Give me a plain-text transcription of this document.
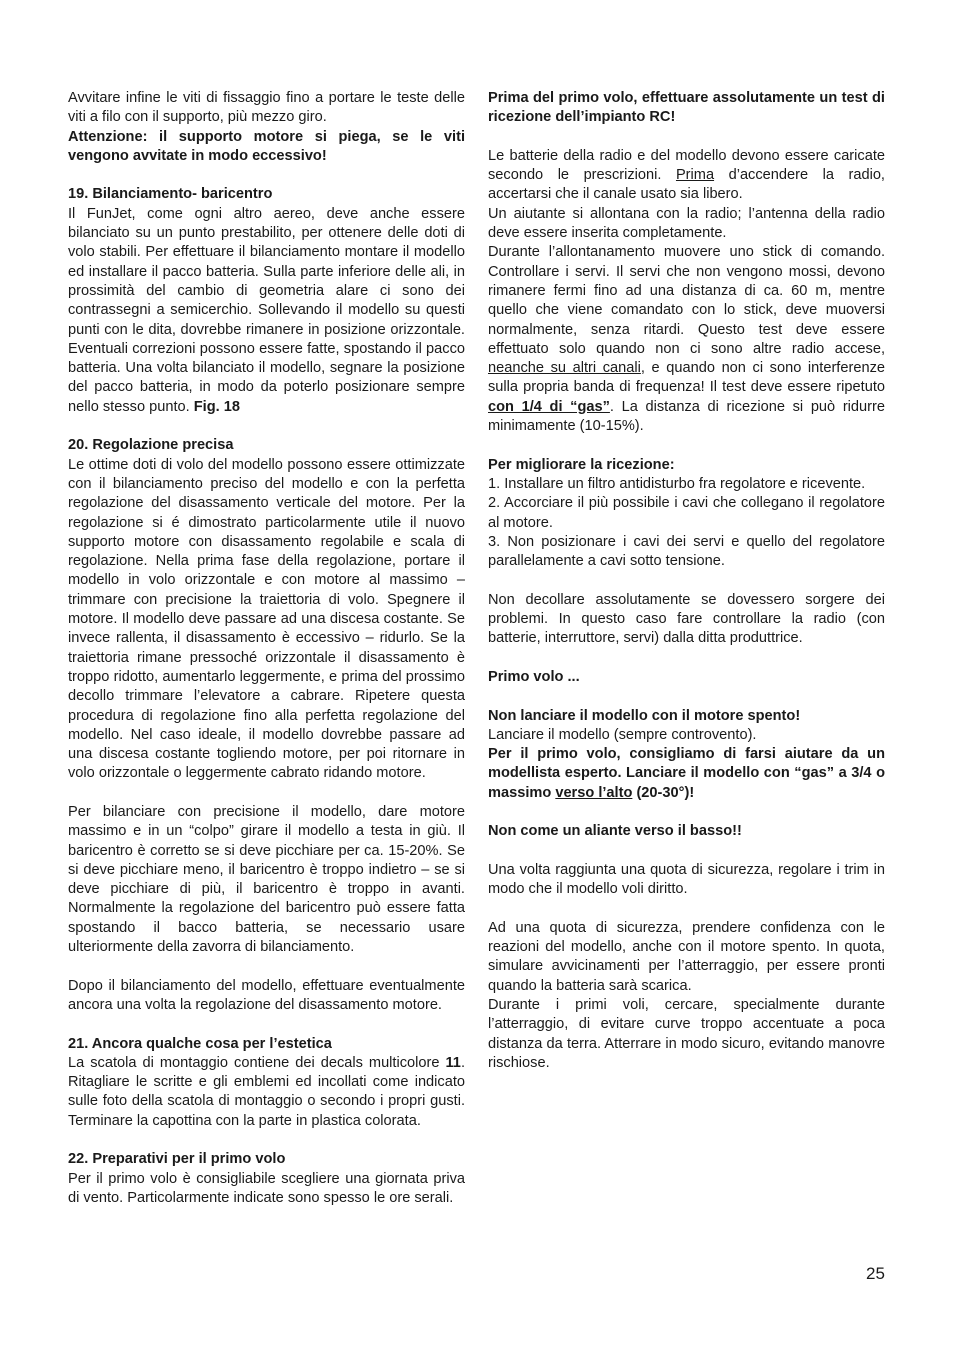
Avvitare infine le viti di fissaggio fino a portare le teste delle viti a filo con il supporto, più mezzo giro.

Attenzione: il supporto motore si piega, se le viti vengono avvitate in modo eccessivo!

19. Bilanciamento- baricentro

Il FunJet, come ogni altro aereo, deve anche essere bilanciato su un punto prestabilito, per ottenere delle doti di volo stabili. Per effettuare il bilanciamento montare il modello ed installare il pacco batteria. Sulla parte inferiore delle ali, in prossimità del cambio di geometria alare ci sono dei contrassegni a semicerchio. Sollevando il modello su questi punti con le dita, dovrebbe rimanere in posizione orizzontale. Eventuali correzioni possono essere fatte, spostando il pacco batteria. Una volta bilanciato il modello, segnare la posizione del pacco batteria, in modo da poterlo posizionare sempre nello stesso punto. Fig. 18

20. Regolazione precisa

Le ottime doti di volo del modello possono essere ottimizzate con il bilanciamento preciso del modello e con la perfetta regolazione del disassamento verticale del motore. Per la regolazione si é dimostrato particolarmente utile il nuovo supporto motore con disassamento regolabile e scala di regolazione. Nella prima fase della regolazione, portare il modello in volo orizzontale e con motore al massimo – trimmare con precisione la traiettoria di volo. Spegnere il motore. Il modello deve passare ad una discesa costante. Se invece rallenta, il disassamento è eccessivo – ridurlo. Se la traiettoria rimane pressoché orizzontale il disassamento è troppo ridotto, aumentarlo leggermente, e prima del prossimo decollo trimmare l’elevatore a cabrare. Ripetere questa procedura di regolazione fino alla perfetta regolazione del modello. Nel caso ideale, il modello dovrebbe passare ad una discesa costante togliendo motore, per poi ritornare in volo orizzontale o leggermente cabrato ridando motore.

Per bilanciare con precisione il modello, dare motore massimo e in un “colpo” girare il modello a testa in giù. Il baricentro è corretto se si deve picchiare per ca. 15-20%. Se si deve picchiare meno, il baricentro è troppo indietro – se si deve picchiare di più, il baricentro è troppo in avanti. Normalmente la regolazione del baricentro può essere fatta spostando il bacco batteria, se necessario usare ulteriormente della zavorra di bilanciamento.

Dopo il bilanciamento del modello, effettuare eventualmente ancora una volta la regolazione del disassamento motore.

21. Ancora qualche cosa per l’estetica

La scatola di montaggio contiene dei decals multicolore 11. Ritagliare le scritte e gli emblemi ed incollati come indicato sulle foto della scatola di montaggio o secondo i propri gusti. Terminare la capottina con la parte in plastica colorata.

22. Preparativi per il primo volo

Per il primo volo è consigliabile scegliere una giornata priva di vento. Particolarmente indicate sono spesso le ore serali.

Prima del primo volo, effettuare assolutamente un test di ricezione dell’impianto RC!

Le batterie della radio e del modello devono essere caricate secondo le prescrizioni. Prima d’accendere la radio, accertarsi che il canale usato sia libero.

Un aiutante si allontana con la radio; l’antenna della radio deve essere inserita completamente.

Durante l’allontanamento muovere uno stick di comando. Controllare i servi. Il servi che non vengono mossi, devono rimanere fermi fino ad una distanza di ca. 60 m, mentre quello che viene comandato con lo stick, deve muoversi normalmente, senza ritardi. Questo test deve essere effettuato solo quando non ci sono altre radio accese, neanche su altri canali, e quando non ci sono interferenze sulla propria banda di frequenza! Il test deve essere ripetuto con 1/4 di “gas”. La distanza di ricezione si può ridurre minimamente (10-15%).

Per migliorare la ricezione:

1. Installare un filtro antidisturbo fra regolatore e ricevente.

2. Accorciare il più possibile i cavi che collegano il regolatore al motore.

3. Non posizionare i cavi dei servi e quello del regolatore parallelamente a cavi sotto tensione.

Non decollare assolutamente se dovessero sorgere dei problemi. In questo caso fare controllare la radio (con batterie, interruttore, servi) dalla ditta produttrice.

Primo volo ...

Non lanciare il modello con il motore spento!

Lanciare il modello (sempre controvento).

Per il primo volo, consigliamo di farsi aiutare da un modellista esperto. Lanciare il modello con “gas” a 3/4 o massimo verso l’alto (20-30°)!

Non come un aliante verso il basso!!

Una volta raggiunta una quota di sicurezza, regolare i trim in modo che il modello voli diritto.

Ad una quota di sicurezza, prendere confidenza con le reazioni del modello, anche con il motore spento. In quota, simulare avvicinamenti per l’atterraggio, per essere pronti quando la batteria sarà scarica.

Durante i primi voli, cercare, specialmente durante l’atterraggio, di evitare curve troppo accentuate a poca distanza da terra. Atterrare in modo sicuro, evitando manovre rischiose.

25
